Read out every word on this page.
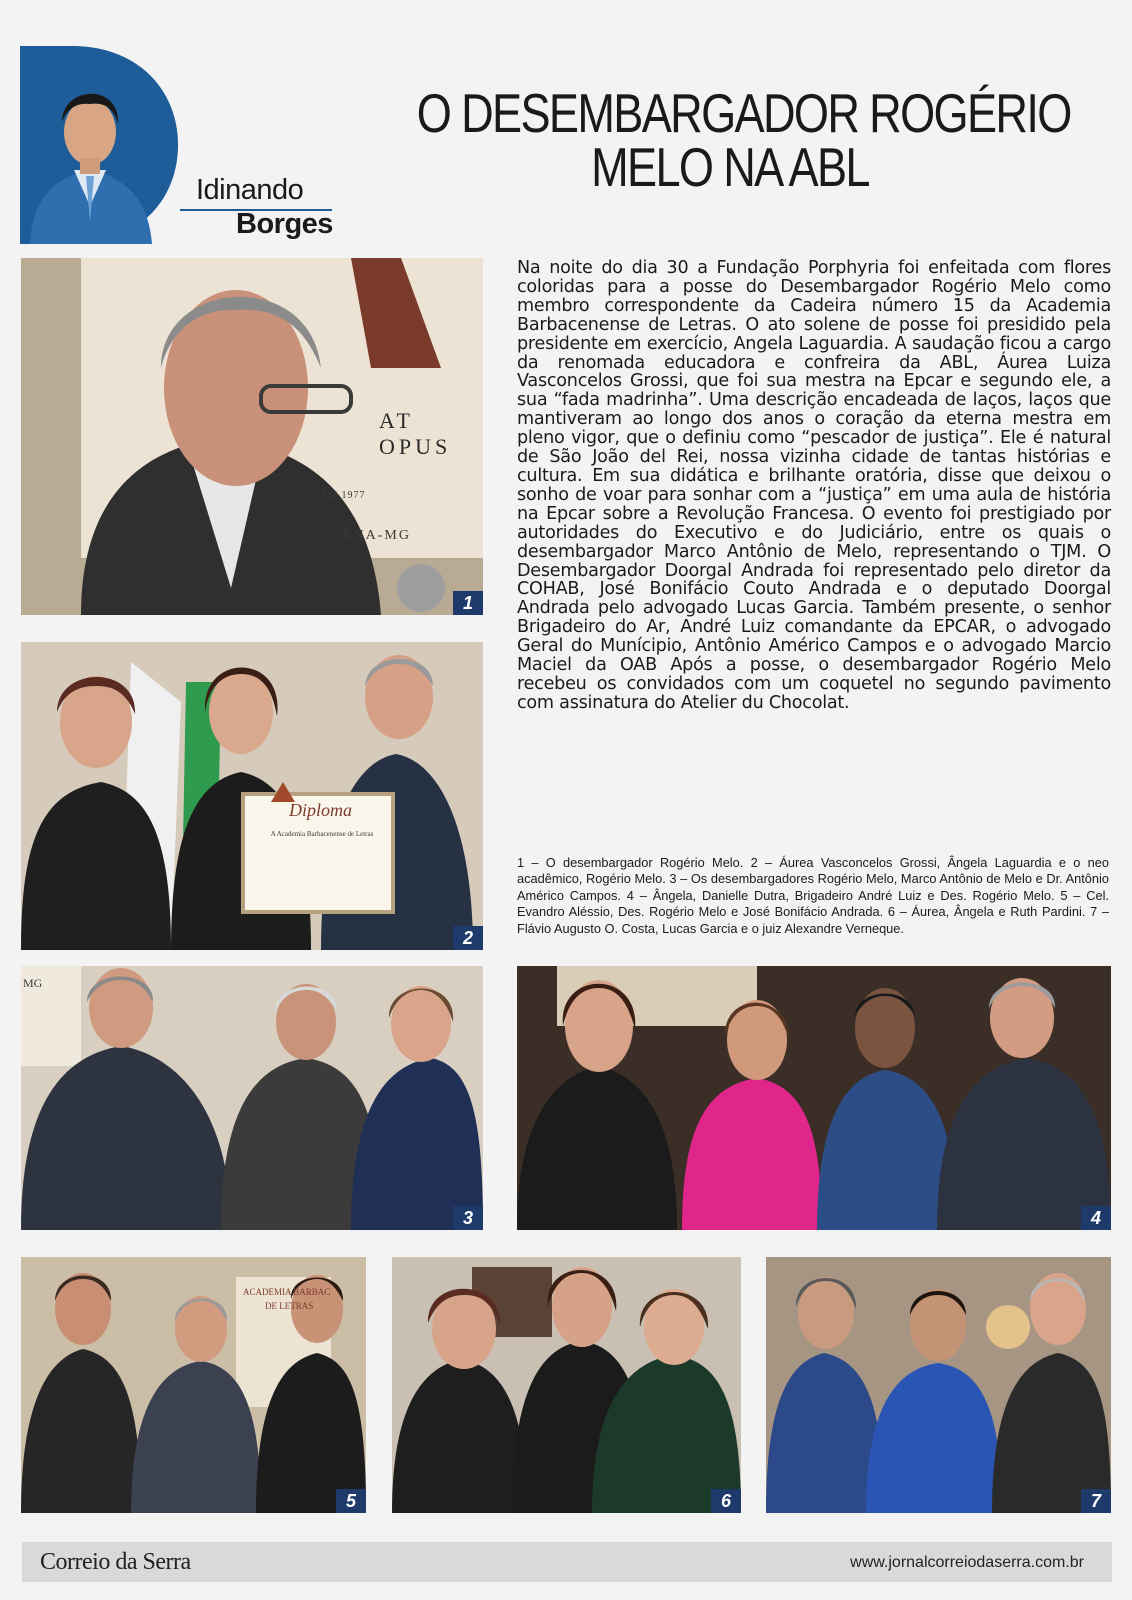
Idinando
Borges
O DESEMBARGADOR ROGÉRIO
MELO NA ABL
AT OPUS
EM 1977
ENA-MG
1
Diploma
A Academia Barbacenense de Letras
2
MG
3	4
ACADEMIA BARBAC
DE LETRAS
5	6	7

Na noite do dia 30 a Fundação Porphyria foi enfeitada com flores coloridas para a posse do Desembargador Rogério Melo como membro correspondente da Cadeira número 15 da Academia Barbacenense de Letras. O ato solene de posse foi presidido pela presidente em exercício, Angela Laguardia. A saudação ficou a cargo da renomada educadora e confreira da ABL, Áurea Luiza Vasconcelos Grossi, que foi sua mestra na Epcar e segundo ele, a sua “fada madrinha”. Uma descrição encadeada de laços, laços que mantiveram ao longo dos anos o coração da eterna mestra em pleno vigor, que o definiu como “pescador de justiça”. Ele é natural de São João del Rei, nossa vizinha cidade de tantas histórias e cultura. Em sua didática e brilhante oratória, disse que deixou o sonho de voar para sonhar com a “justiça” em uma aula de história na Epcar sobre a Revolução Francesa. O evento foi prestigiado por autoridades do Executivo e do Judiciário, entre os quais o desembargador Marco Antônio de Melo, representando o TJM. O Desembargador Doorgal Andrada foi representado pelo diretor da COHAB, José Bonifácio Couto Andrada e o deputado Doorgal Andrada pelo advogado Lucas Garcia. Também presente, o senhor Brigadeiro do Ar, André Luiz comandante da EPCAR, o advogado Geral do Munícipio, Antônio Américo Campos e o advogado Marcio Maciel da OAB Após a posse, o desembargador Rogério Melo recebeu os convidados com um coquetel no segundo pavimento com assinatura do Atelier du Chocolat.

1 – O desembargador Rogério Melo. 2 – Áurea Vasconcelos Grossi, Ângela Laguardia e o neo acadêmico, Rogério Melo. 3 – Os desembargadores Rogério Melo, Marco Antônio de Melo e Dr. Antônio Américo Campos. 4 – Ângela, Danielle Dutra, Brigadeiro André Luiz e Des. Rogério Melo. 5 – Cel. Evandro Aléssio, Des. Rogério Melo e José Bonifácio Andrada. 6 – Áurea, Ângela e Ruth Pardini. 7 – Flávio Augusto O. Costa, Lucas Garcia e o juiz Alexandre Verneque.

Correio da Serra	www.jornalcorreiodaserra.com.br
